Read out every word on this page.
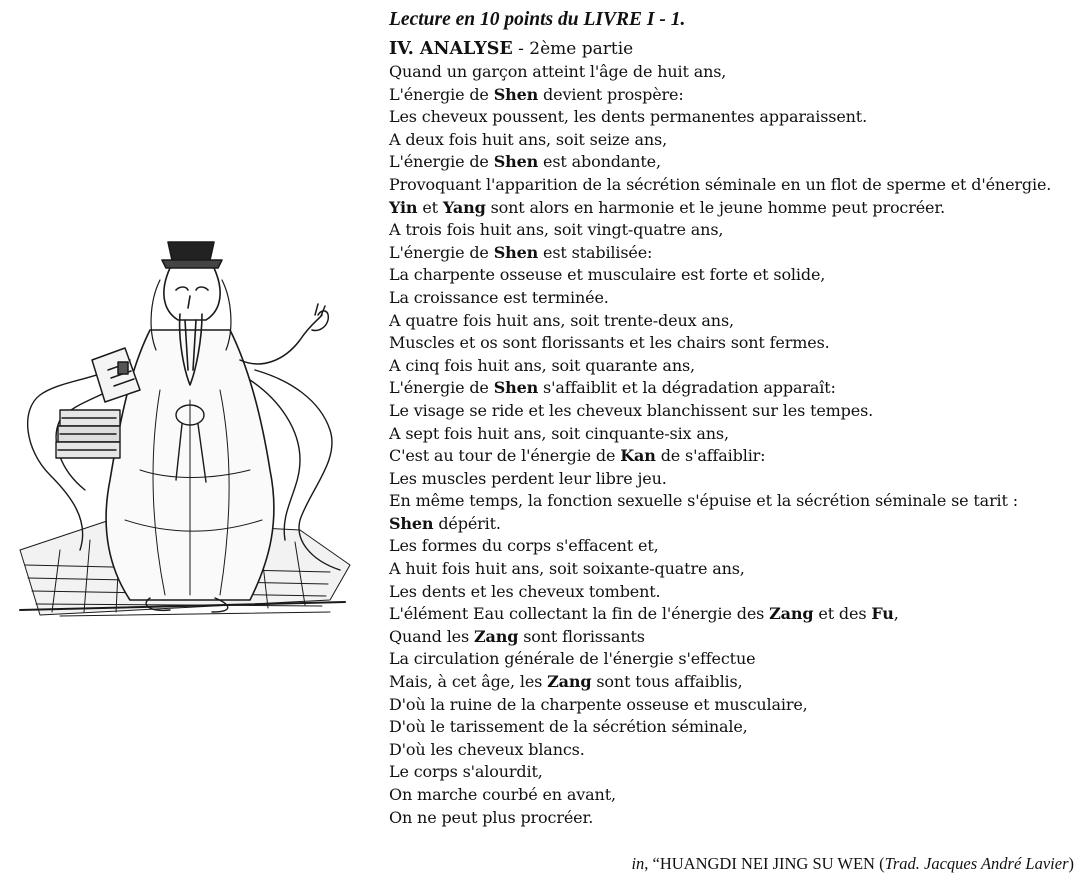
Lecture en 10 points du LIVRE I - 1.
IV. ANALYSE - 2ème partie
Quand un garçon atteint l'âge de huit ans,
L'énergie de Shen devient prospère:
Les cheveux poussent, les dents permanentes apparaissent.
A deux fois huit ans, soit seize ans,
L'énergie de Shen est abondante,
Provoquant l'apparition de la sécrétion séminale en un flot de sperme et d'énergie.
Yin et Yang sont alors en harmonie et le jeune homme peut procréer.
A trois fois huit ans, soit vingt-quatre ans,
L'énergie de Shen est stabilisée:
La charpente osseuse et musculaire est forte et solide,
La croissance est terminée.
A quatre fois huit ans, soit trente-deux ans,
Muscles et os sont florissants et les chairs sont fermes.
A cinq fois huit ans, soit quarante ans,
L'énergie de Shen s'affaiblit et la dégradation apparaît:
Le visage se ride et les cheveux blanchissent sur les tempes.
A sept fois huit ans, soit cinquante-six ans,
C'est au tour de l'énergie de Kan de s'affaiblir:
Les muscles perdent leur libre jeu.
En même temps, la fonction sexuelle s'épuise et la sécrétion séminale se tarit :
Shen dépérit.
Les formes du corps s'effacent et,
A huit fois huit ans, soit soixante-quatre ans,
Les dents et les cheveux tombent.
L'élément Eau collectant la fin de l'énergie des Zang et des Fu,
Quand les Zang sont florissants
La circulation générale de l'énergie s'effectue
Mais, à cet âge, les Zang sont tous affaiblis,
D'où la ruine de la charpente osseuse et musculaire,
D'où le tarissement de la sécrétion séminale,
D'où les cheveux blancs.
Le corps s'alourdit,
On marche courbé en avant,
On ne peut plus procréer.
in, “HUANGDI NEI JING SU WEN (Trad. Jacques André Lavier)
